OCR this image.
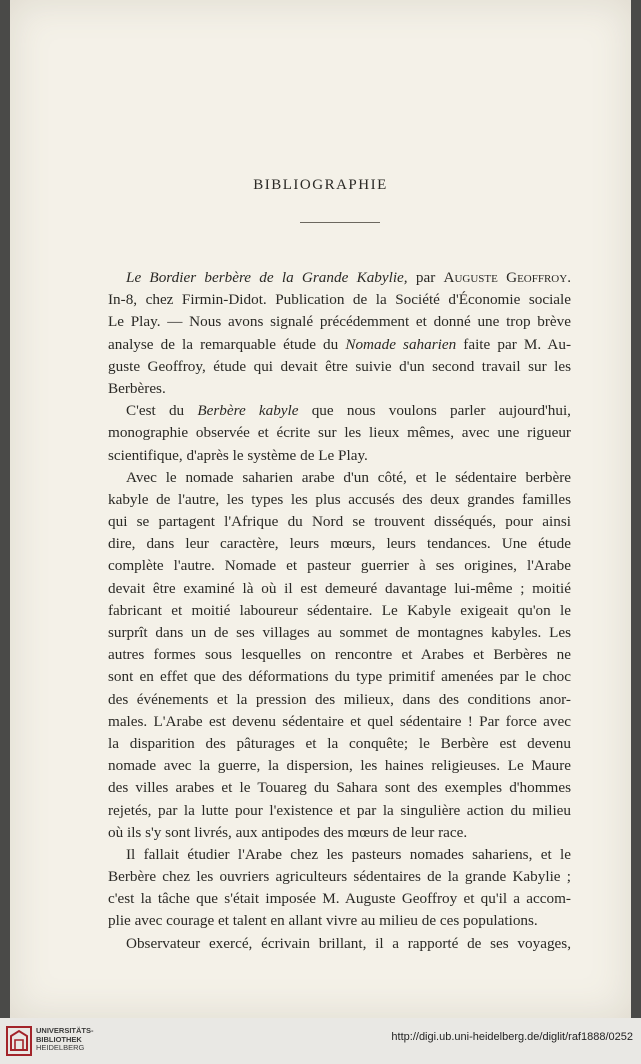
BIBLIOGRAPHIE

Le Bordier berbère de la Grande Kabylie, par Auguste Geoffroy.
In-8, chez Firmin-Didot. Publication de la Société d'Économie sociale
Le Play. — Nous avons signalé précédemment et donné une trop brève
analyse de la remarquable étude du Nomade saharien faite par M. Au-
guste Geoffroy, étude qui devait être suivie d'un second travail sur les
Berbères.

C'est du Berbère kabyle que nous voulons parler aujourd'hui,
monographie observée et écrite sur les lieux mêmes, avec une rigueur
scientifique, d'après le système de Le Play.

Avec le nomade saharien arabe d'un côté, et le sédentaire berbère
kabyle de l'autre, les types les plus accusés des deux grandes familles
qui se partagent l'Afrique du Nord se trouvent disséqués, pour ainsi
dire, dans leur caractère, leurs mœurs, leurs tendances. Une étude
complète l'autre. Nomade et pasteur guerrier à ses origines, l'Arabe
devait être examiné là où il est demeuré davantage lui-même ; moitié
fabricant et moitié laboureur sédentaire. Le Kabyle exigeait qu'on le
surprît dans un de ses villages au sommet de montagnes kabyles. Les
autres formes sous lesquelles on rencontre et Arabes et Berbères ne
sont en effet que des déformations du type primitif amenées par le choc
des événements et la pression des milieux, dans des conditions anor-
males. L'Arabe est devenu sédentaire et quel sédentaire ! Par force avec
la disparition des pâturages et la conquête; le Berbère est devenu
nomade avec la guerre, la dispersion, les haines religieuses. Le Maure
des villes arabes et le Touareg du Sahara sont des exemples d'hommes
rejetés, par la lutte pour l'existence et par la singulière action du milieu
où ils s'y sont livrés, aux antipodes des mœurs de leur race.

Il fallait étudier l'Arabe chez les pasteurs nomades sahariens, et le
Berbère chez les ouvriers agriculteurs sédentaires de la grande Kabylie ;
c'est la tâche que s'était imposée M. Auguste Geoffroy et qu'il a accom-
plie avec courage et talent en allant vivre au milieu de ces populations.

Observateur exercé, écrivain brillant, il a rapporté de ses voyages,

UNIVERSITÄTS-
BIBLIOTHEK
HEIDELBERG
http://digi.ub.uni-heidelberg.de/diglit/raf1888/0252
